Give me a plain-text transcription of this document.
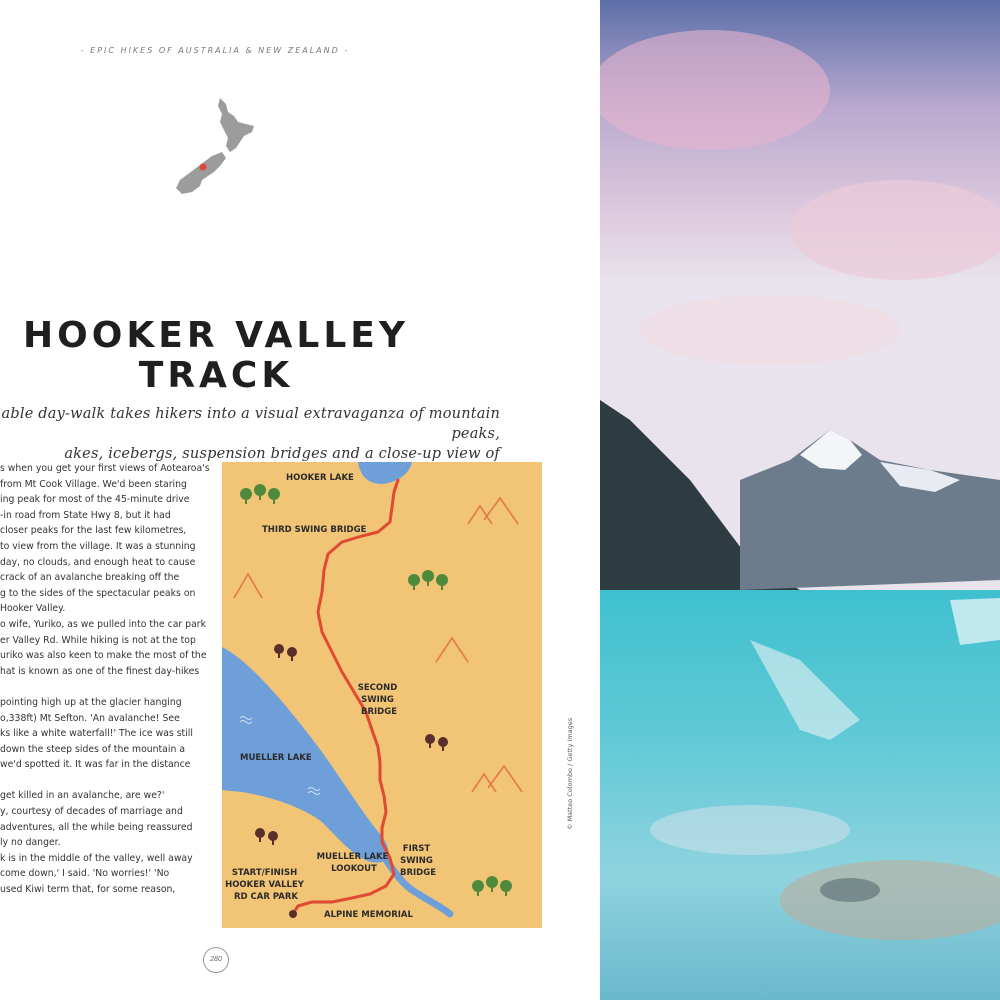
- EPIC HIKES OF AUSTRALIA & NEW ZEALAND -
HOOKER VALLEY
TRACK
able day-walk takes hikers into a visual extravaganza of mountain peaks,
akes, icebergs, suspension bridges and a close-up view of

s when you get your first views of Aotearoa's

from Mt Cook Village. We'd been staring

ing peak for most of the 45-minute drive

-in road from State Hwy 8, but it had

closer peaks for the last few kilometres,

to view from the village. It was a stunning

day, no clouds, and enough heat to cause

crack of an avalanche breaking off the

g to the sides of the spectacular peaks on

Hooker Valley.

o wife, Yuriko, as we pulled into the car park

er Valley Rd. While hiking is not at the top

uriko was also keen to make the most of the

hat is known as one of the finest day-hikes

pointing high up at the glacier hanging

o,338ft) Mt Sefton. 'An avalanche! See

ks like a white waterfall!' The ice was still

down the steep sides of the mountain a

we'd spotted it. It was far in the distance

get killed in an avalanche, are we?'

y, courtesy of decades of marriage and

adventures, all the while being reassured

ly no danger.

k is in the middle of the valley, well away

come down,' I said. 'No worries!' 'No

used Kiwi term that, for some reason,

HOOKER LAKE
THIRD SWING BRIDGE
SECOND SWING BRIDGE
MUELLER LAKE
MUELLER LAKE LOOKOUT
FIRST SWING BRIDGE
START/FINISH HOOKER VALLEY RD CAR PARK
ALPINE MEMORIAL
© Matteo Colombo / Getty Images
280
